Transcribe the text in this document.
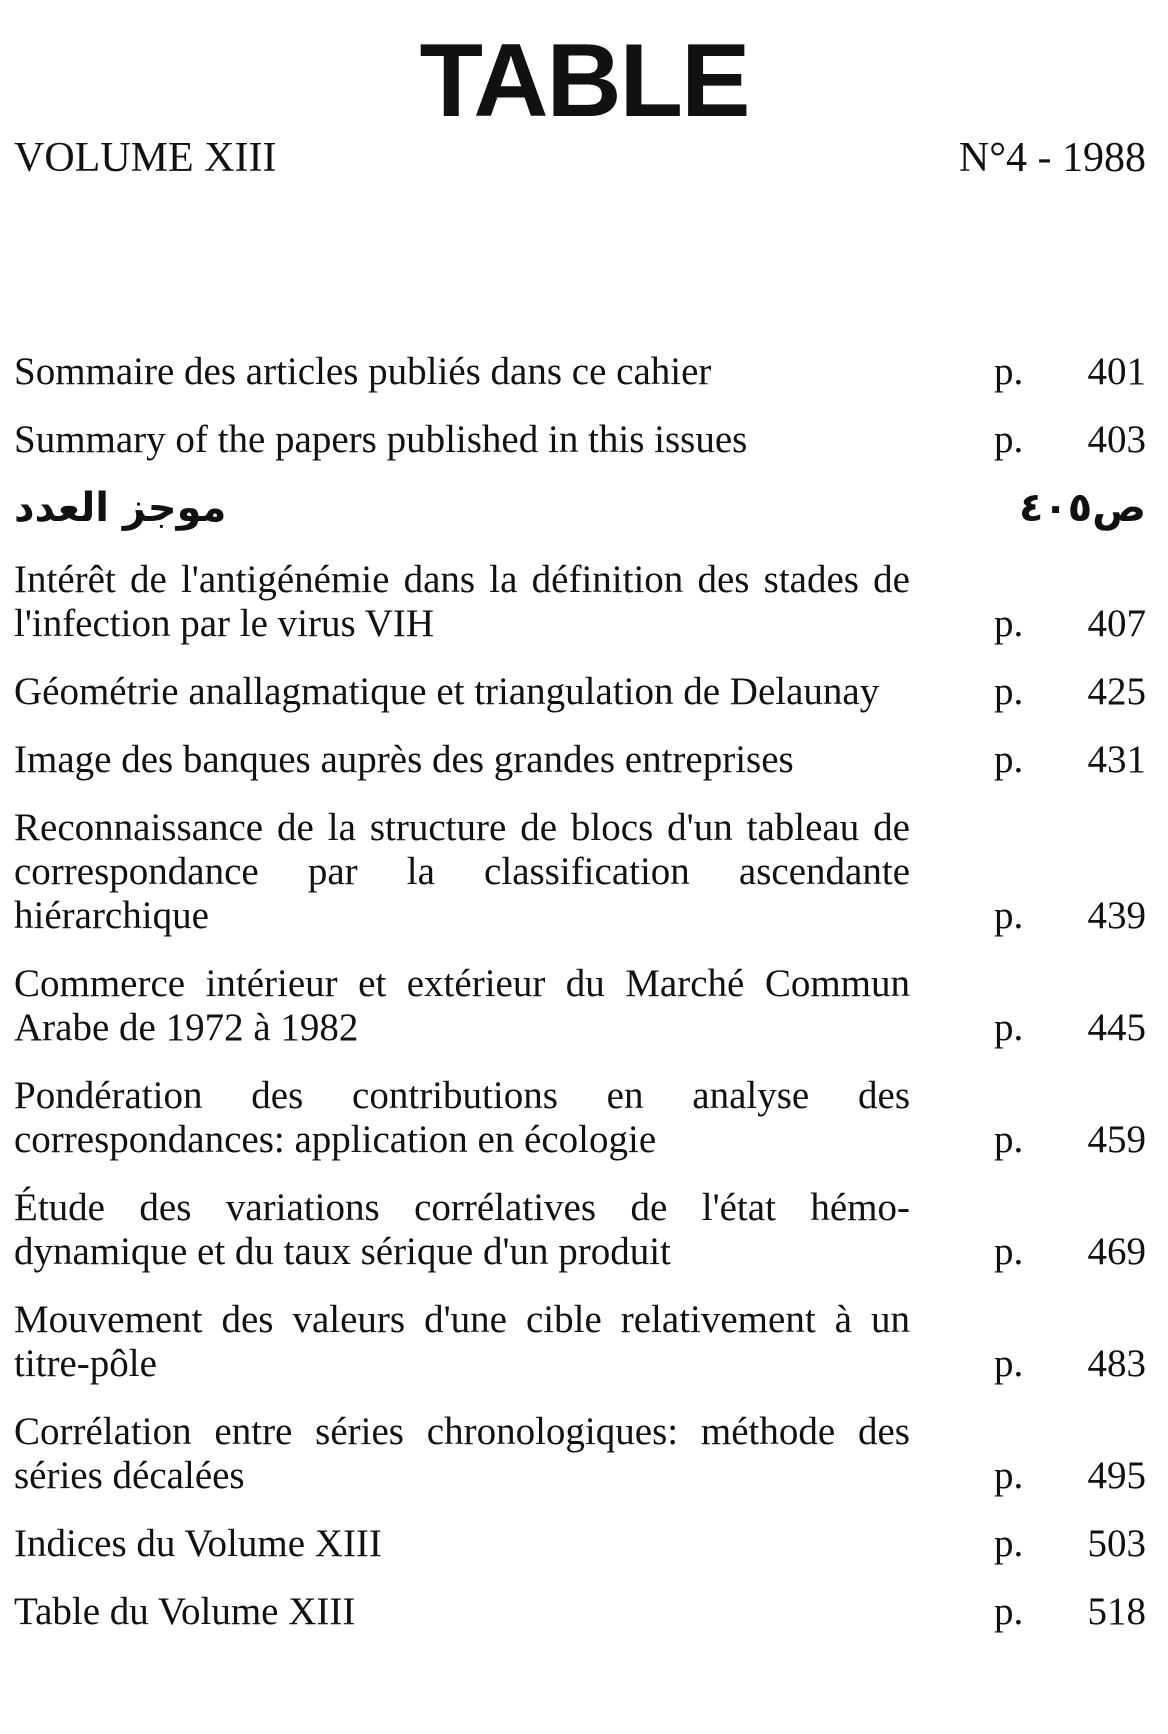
TABLE
VOLUME XIII	N°4 - 1988
Sommaire des articles publiés dans ce cahier	p. 401
Summary of the papers published in this issues	p. 403
موجز العدد	ص٤٠٥
Intérêt de l'antigénémie dans la définition des stades de l'infection par le virus VIH	p. 407
Géométrie anallagmatique et triangulation de Delaunay	p. 425
Image des banques auprès des grandes entreprises	p. 431
Reconnaissance de la structure de blocs d'un tableau de correspondance par la classification ascendante hiérarchique	p. 439
Commerce intérieur et extérieur du Marché Commun Arabe de 1972 à 1982	p. 445
Pondération des contributions en analyse des correspondances: application en écologie	p. 459
Étude des variations corrélatives de l'état hémo-dynamique et du taux sérique d'un produit	p. 469
Mouvement des valeurs d'une cible relativement à un titre-pôle	p. 483
Corrélation entre séries chronologiques: méthode des séries décalées	p. 495
Indices du Volume XIII	p. 503
Table du Volume XIII	p. 518
